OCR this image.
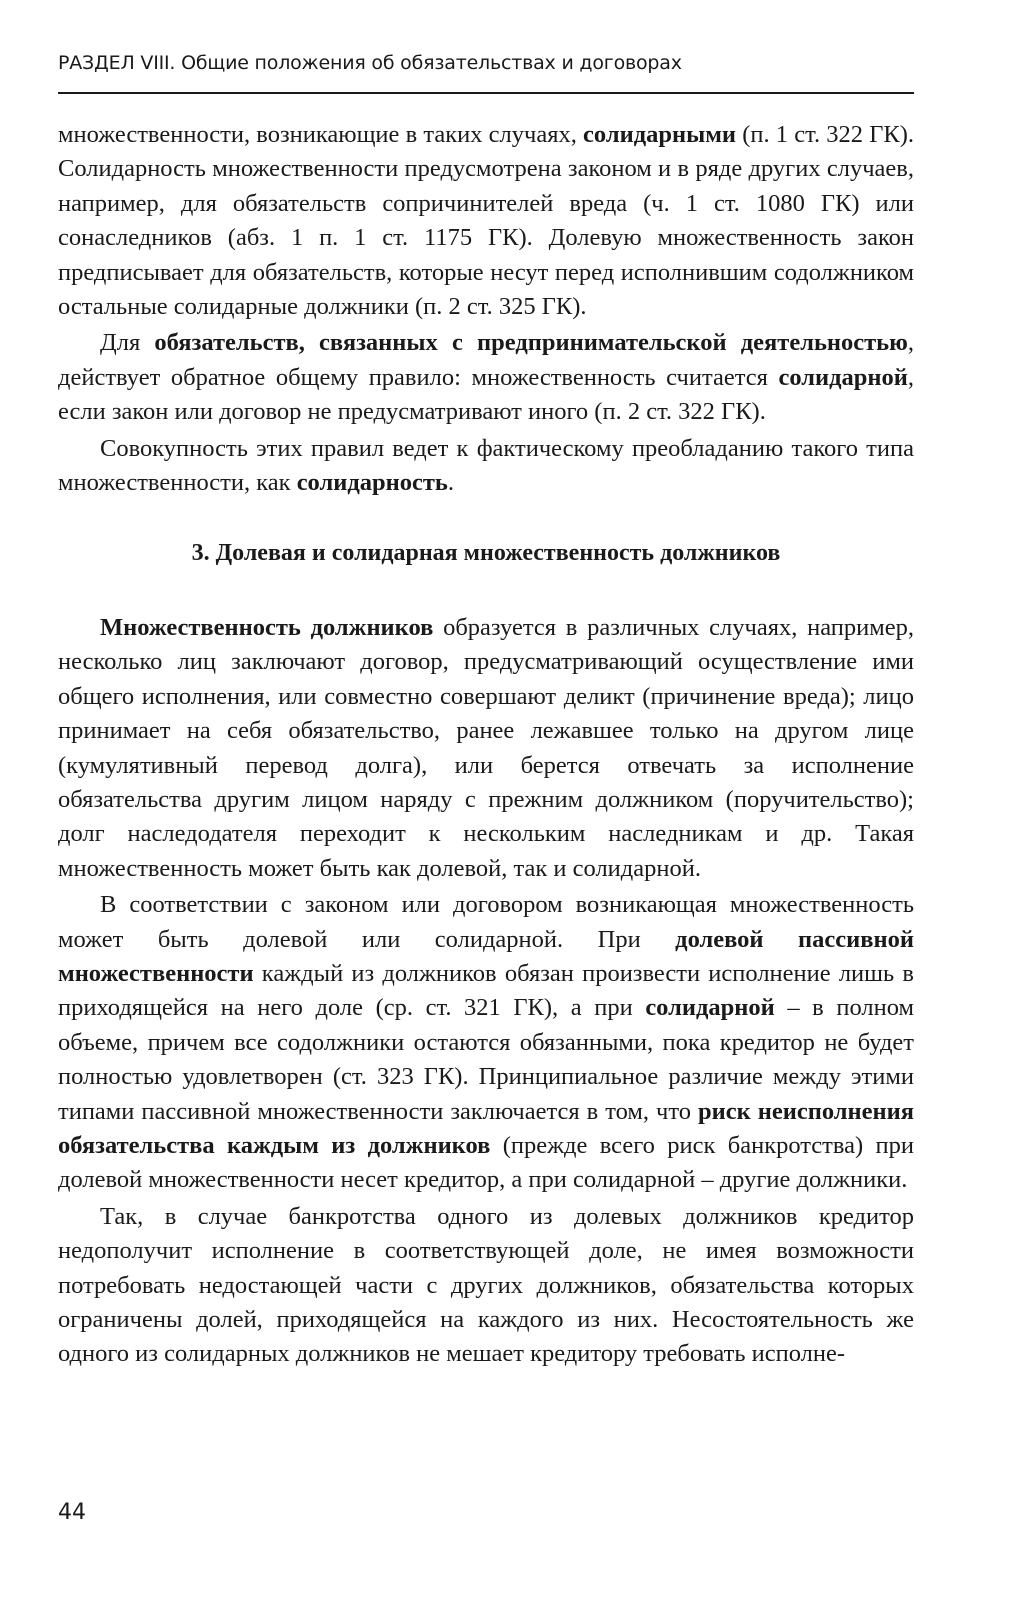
РАЗДЕЛ VIII. Общие положения об обязательствах и договорах

множественности, возникающие в таких случаях, солидарными (п. 1 ст. 322 ГК). Солидарность множественности предусмотрена законом и в ряде других случаев, например, для обязательств сопричинителей вреда (ч. 1 ст. 1080 ГК) или сонаследников (абз. 1 п. 1 ст. 1175 ГК). Долевую множественность закон предписывает для обязательств, которые несут перед исполнившим содолжником остальные солидарные должники (п. 2 ст. 325 ГК).

Для обязательств, связанных с предпринимательской деятельностью, действует обратное общему правило: множественность считается солидарной, если закон или договор не предусматривают иного (п. 2 ст. 322 ГК).

Совокупность этих правил ведет к фактическому преобладанию такого типа множественности, как солидарность.

3. Долевая и солидарная множественность должников

Множественность должников образуется в различных случаях, например, несколько лиц заключают договор, предусматривающий осуществление ими общего исполнения, или совместно совершают деликт (причинение вреда); лицо принимает на себя обязательство, ранее лежавшее только на другом лице (кумулятивный перевод долга), или берется отвечать за исполнение обязательства другим лицом наряду с прежним должником (поручительство); долг наследодателя переходит к нескольким наследникам и др. Такая множественность может быть как долевой, так и солидарной.

В соответствии с законом или договором возникающая множественность может быть долевой или солидарной. При долевой пассивной множественности каждый из должников обязан произвести исполнение лишь в приходящейся на него доле (ср. ст. 321 ГК), а при солидарной – в полном объеме, причем все содолжники остаются обязанными, пока кредитор не будет полностью удовлетворен (ст. 323 ГК). Принципиальное различие между этими типами пассивной множественности заключается в том, что риск неисполнения обязательства каждым из должников (прежде всего риск банкротства) при долевой множественности несет кредитор, а при солидарной – другие должники.

Так, в случае банкротства одного из долевых должников кредитор недополучит исполнение в соответствующей доле, не имея возможности потребовать недостающей части с других должников, обязательства которых ограничены долей, приходящейся на каждого из них. Несостоятельность же одного из солидарных должников не мешает кредитору требовать исполне-

44
